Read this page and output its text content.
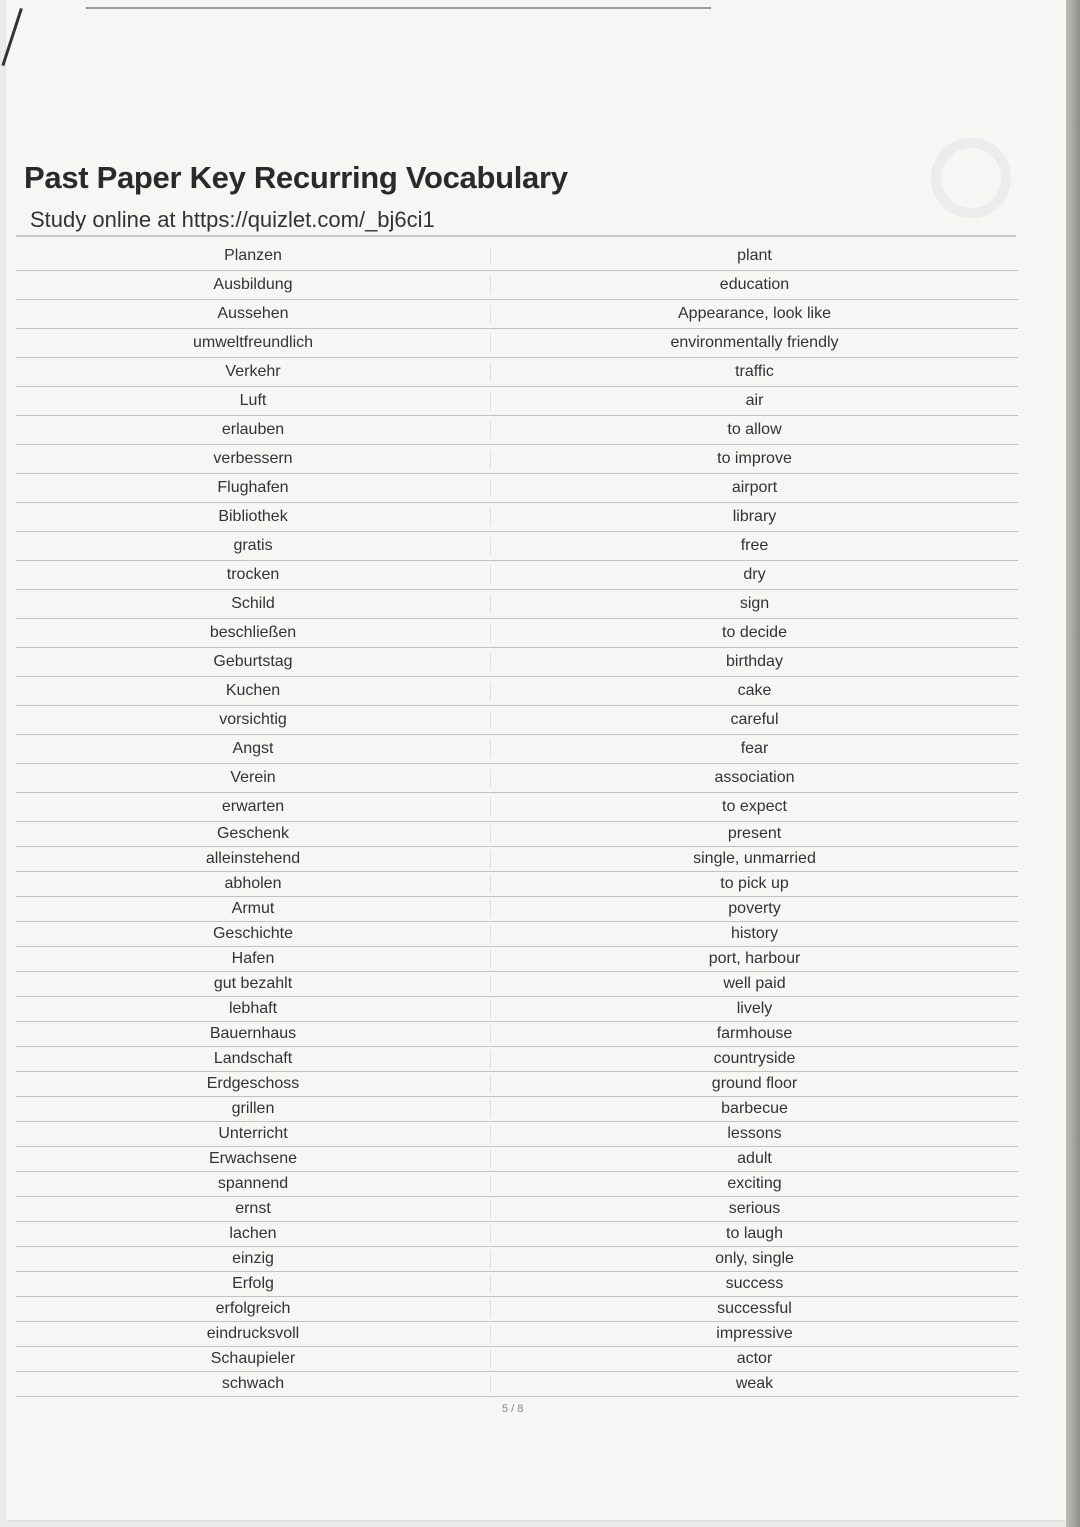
Past Paper Key Recurring Vocabulary
Study online at https://quizlet.com/_bj6ci1
Planzen	plant
Ausbildung	education
Aussehen	Appearance, look like
umweltfreundlich	environmentally friendly
Verkehr	traffic
Luft	air
erlauben	to allow
verbessern	to improve
Flughafen	airport
Bibliothek	library
gratis	free
trocken	dry
Schild	sign
beschließen	to decide
Geburtstag	birthday
Kuchen	cake
vorsichtig	careful
Angst	fear
Verein	association
erwarten	to expect
Geschenk	present
alleinstehend	single, unmarried
abholen	to pick up
Armut	poverty
Geschichte	history
Hafen	port, harbour
gut bezahlt	well paid
lebhaft	lively
Bauernhaus	farmhouse
Landschaft	countryside
Erdgeschoss	ground floor
grillen	barbecue
Unterricht	lessons
Erwachsene	adult
spannend	exciting
ernst	serious
lachen	to laugh
einzig	only, single
Erfolg	success
erfolgreich	successful
eindrucksvoll	impressive
Schaupieler	actor
schwach	weak
5 / 8
